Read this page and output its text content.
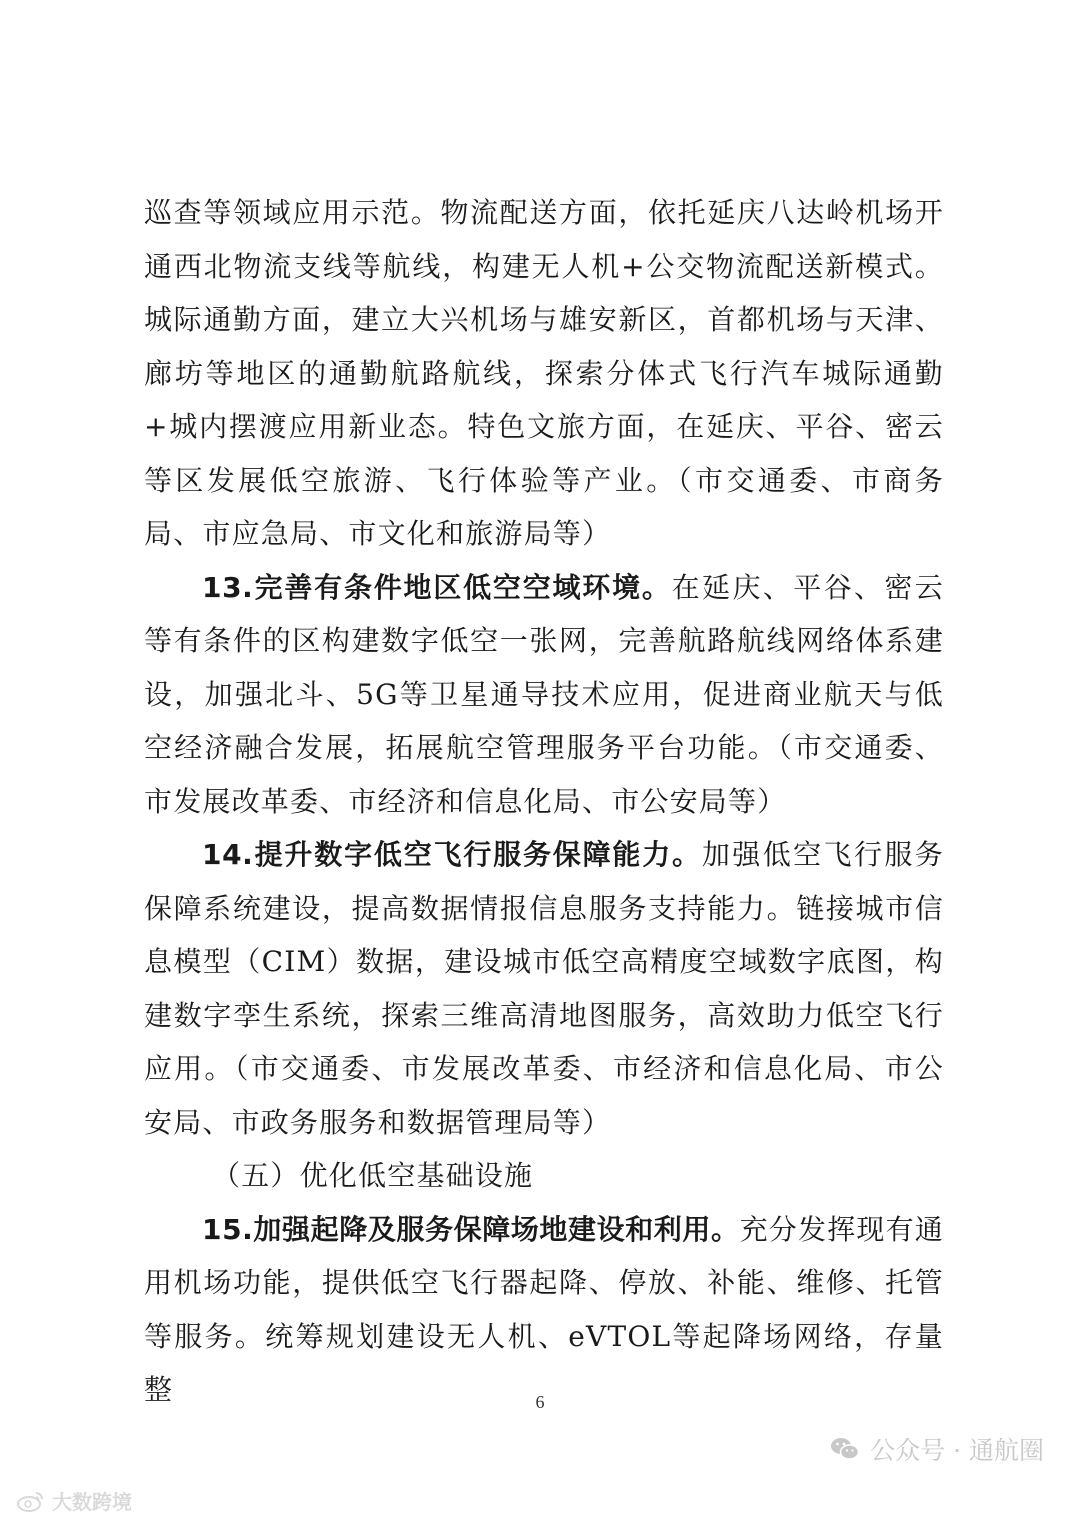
巡查等领域应用示范。物流配送方面，依托延庆八达岭机场开通西北物流支线等航线，构建无人机+公交物流配送新模式。城际通勤方面，建立大兴机场与雄安新区，首都机场与天津、廊坊等地区的通勤航路航线，探索分体式飞行汽车城际通勤+城内摆渡应用新业态。特色文旅方面，在延庆、平谷、密云等区发展低空旅游、飞行体验等产业。（市交通委、市商务局、市应急局、市文化和旅游局等）

13.完善有条件地区低空空域环境。在延庆、平谷、密云等有条件的区构建数字低空一张网，完善航路航线网络体系建设，加强北斗、5G等卫星通导技术应用，促进商业航天与低空经济融合发展，拓展航空管理服务平台功能。（市交通委、市发展改革委、市经济和信息化局、市公安局等）

14.提升数字低空飞行服务保障能力。加强低空飞行服务保障系统建设，提高数据情报信息服务支持能力。链接城市信息模型（CIM）数据，建设城市低空高精度空域数字底图，构建数字孪生系统，探索三维高清地图服务，高效助力低空飞行应用。（市交通委、市发展改革委、市经济和信息化局、市公安局、市政务服务和数据管理局等）

（五）优化低空基础设施

15.加强起降及服务保障场地建设和利用。充分发挥现有通用机场功能，提供低空飞行器起降、停放、补能、维修、托管等服务。统筹规划建设无人机、eVTOL等起降场网络，存量整	6
公众号 · 通航圈
大数跨境
